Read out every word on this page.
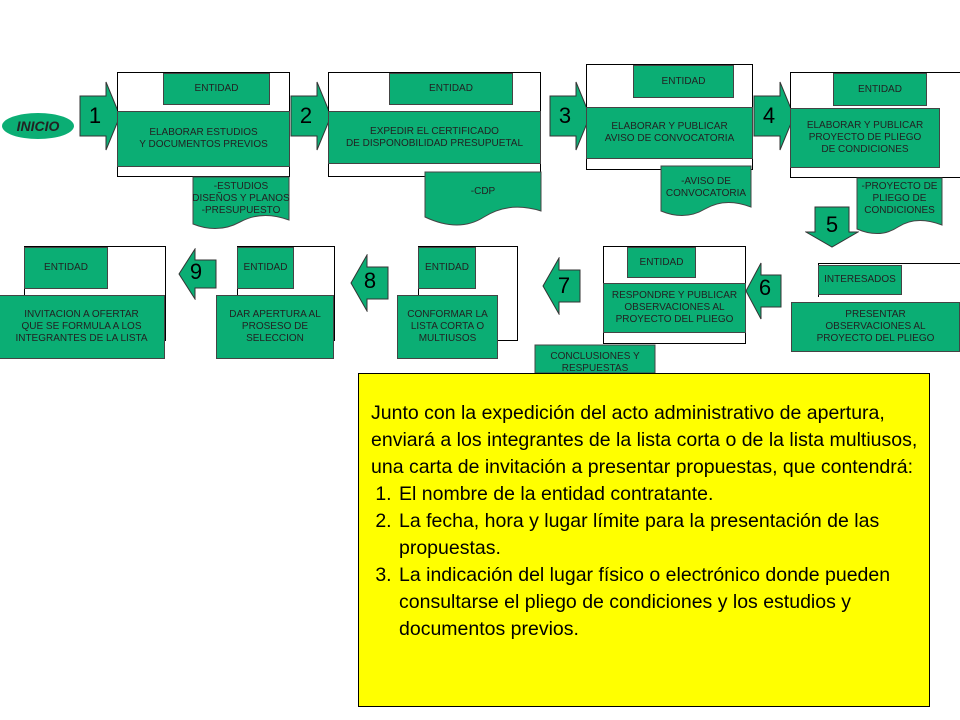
INICIO	1
ENTIDAD
ELABORAR ESTUDIOS
Y DOCUMENTOS PREVIOS
-ESTUDIOS
DISEÑOS Y PLANOS
-PRESUPUESTO
2
ENTIDAD
EXPEDIR EL CERTIFICADO
DE DISPONOBILIDAD PRESUPUETAL
-CDP
3
ENTIDAD
ELABORAR Y PUBLICAR
AVISO DE CONVOCATORIA
-AVISO DE
CONVOCATORIA
4
ENTIDAD
ELABORAR Y PUBLICAR
PROYECTO DE PLIEGO
DE CONDICIONES
-PROYECTO DE
PLIEGO DE
CONDICIONES
5
INTERESADOS
PRESENTAR
OBSERVACIONES AL
PROYECTO DEL PLIEGO
6
ENTIDAD
RESPONDRE Y PUBLICAR
OBSERVACIONES AL
PROYECTO DEL PLIEGO
CONCLUSIONES Y
RESPUESTAS
7
ENTIDAD
CONFORMAR LA
LISTA CORTA O
MULTIUSOS
8
ENTIDAD
DAR APERTURA AL
PROSESO DE
SELECCION
9
ENTIDAD
INVITACION A OFERTAR
QUE SE FORMULA A LOS
INTEGRANTES DE LA LISTA

Junto con la expedición del acto administrativo de apertura, enviará a los integrantes de la lista corta o de la lista multiusos, una carta de invitación a presentar propuestas, que contendrá:

1. El nombre de la entidad contratante.
2. La fecha, hora y lugar límite para la presentación de las propuestas.
3. La indicación del lugar físico o electrónico donde pueden consultarse el pliego de condiciones y los estudios y documentos previos.
